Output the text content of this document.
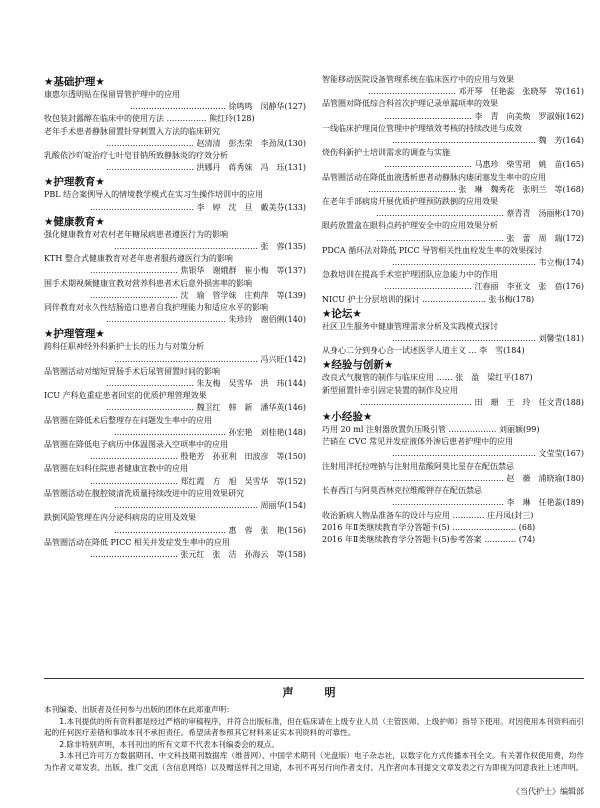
★基础护理★
康惠尔透明贴在保留胃管护理中的应用
……………………………… 徐鸣鸣　闵静华(127)
牧包装封露醇在临床中的使用方法 …………… 熊红玲(128)
老年手术患者静脉留置针穿刺置入方法的临床研究
…………………………… 赵清清　彭杰荣　李劲凤(130)
乳酸依沙吖啶治疗七叶皂苷钠所致静脉炎的疗效分析
…………………………… 洪娜丹　蒋秀妹　冯　珏(131)
★护理教育★
PBL 结合案例导入的情境教学模式在实习生操作培训中的应用
………………………………… 李　婷　沈　旦　戴美芬(133)
★健康教育★
强化健康教育对农村老年糖尿病患者遵医行为的影响
……………………………………………… 张　蓉(135)
KTH 整合式健康教育对老年患者服药遵医行为的影响
…………………………… 焦银华　谢娥群　崔小梅　等(137)
围手术期视频健康宣教对营养科患者术后意外损害率的影响
…………………………… 沈　瑜　管学妹　庄莉萍　等(139)
同伴教育对永久性结肠造口患者自我护理能力和适应水平的影响
……………………………………… 朱珍玲　谢佰俐(140)
★护理管理★
跨科任职神经外科新护士长的压力与对策分析
……………………………………………… 冯兴旺(142)
品管圈活动对缩短胃肠手术后尿管留置时间的影响
…………………………… 朱友梅　吴雪华　洪　玮(144)
ICU 产科危重症患者回室的优质护理管理效果
…………………………… 魏卫红　韩　新　潘华英(146)
品管圈在降低术后整理存在问题发生率中的应用
…………………………………… 孙宏艳　刘桂艳(148)
品管圈在降低电子病历中体温图录入空项率中的应用
…………………………… 殷艳芳　孙亚利　田波彦　等(150)
品管圈在妇科住院患者健康宣教中的应用
…………………………… 郑红霞　方　旭　吴雪华　等(152)
品管圈活动在腹腔镜清洗质量持续改进中的应用效果研究
……………………………………………… 周丽华(154)
跌倒风险管理在内分泌科病房的应用及效果
…………………………………… 惠　蓉　张　艳(156)
品管圈活动在降低 PICC 相关并发症发生率中的应用
…………………………… 张元红　张　洁　孙海云　等(158)
智能移动医院设备管理系统在临床医疗中的应用与效果
…………………………… 邓开琴　任艳蕊　张晓琴　等(161)
品管圈对降低综合科首次护理记录单漏项率的效果
…………………………… 李　青　向美焕　罗淑娟(162)
一线临床护理岗位管理中护理绩效考核的持续改进与成效
……………………………………………… 魏　芳(164)
烧伤科新护士培训需求的调查与实施
…………………………… 马惠珍　柴雪珺　姚　苗(165)
品管圈活动在降低血液透析患者动静脉内瘘闭塞发生率中的应用
…………………………… 张　琳　魏秀花　张明兰　等(168)
在老年手部病房开展优质护理预防跌倒的应用效果
………………………………………… 蔡青青　汤丽彬(170)
眼药放置盒在眼科点药护理安全中的应用效果分析
………………………………………… 张　蕾　周　瑞(172)
PDCA 循环法对降低 PICC 导管相关性血栓发生率的效果探讨
……………………………………………… 韦立梅(174)
急救培训在提高手术室护理团队应急能力中的作用
…………………………… 江春丽　李亚文　张　蓓(176)
NICU 护士分层培训的探讨 …………………… 张书梅(178)
★论坛★
社区卫生服务中健康管理需求分析及实践模式探讨
……………………………………………… 刘馨莹(181)
从身心二分到身心合一试述医学人道主义 … 李　雪(184)
★经验与创新★
改良式气腹管的制作与临床应用 …… 张　盈　梁红平(187)
新型留置针牵引固定装置的制作及应用
…………………………………… 田　珊　王　玲　任文青(188)
★小经验★
巧用 20 ml 注射器放置负压吸引管 ……………… 刘丽颖(99)
芒硝在 CVC 常见并发症液体外渗后患者护理中的应用
……………………………………………… 文莹莹(167)
注射用泮托拉唑钠与注射用盐酸阿莫比星存在配伍禁忌
…………………………………… 赵　薇　浦晓瑜(180)
长春西汀与阿莫西林克拉维酸钾存在配伍禁忌
…………………………………… 李　琳　任艳蕊(189)
收治新病人物品准备车的设计与应用 ………… 庄丹凤(封三)
2016 年Ⅱ类继续教育学分答题卡(5) …………………… (68)
2016 年Ⅱ类继续教育学分答题卡(5)参考答案 ………… (74)
声　明

本刊编委、出版者及任何参与出版的团体在此郑重声明：

1.本刊提供的所有资料都是经过严格的审稿程序，并符合出版标准，但在临床请在上级专业人员（主管医师、上级护师）指导下使用。对因使用本刊资料而引起的任何医疗差错和事故本刊不承担责任。希望读者参照其它材料来证实本刊资料的可靠性。

2.除非特别声明，本刊刊出的所有文章不代表本刊编委会的观点。

3.本刊已许可万方数据期刊、中文科技期刊数据库（维普网）、中国学术期刊（光盘版）电子杂志社，以数字化方式传播本刊全文。有关著作权使用费，均作为作者文章发表、出版、推广交流（含信息网络）以及赠送样刊之用途，本刊不再另行向作者支付。凡作者向本刊提交文章发表之行为即视为同意我社上述声明。

《当代护士》编辑部
